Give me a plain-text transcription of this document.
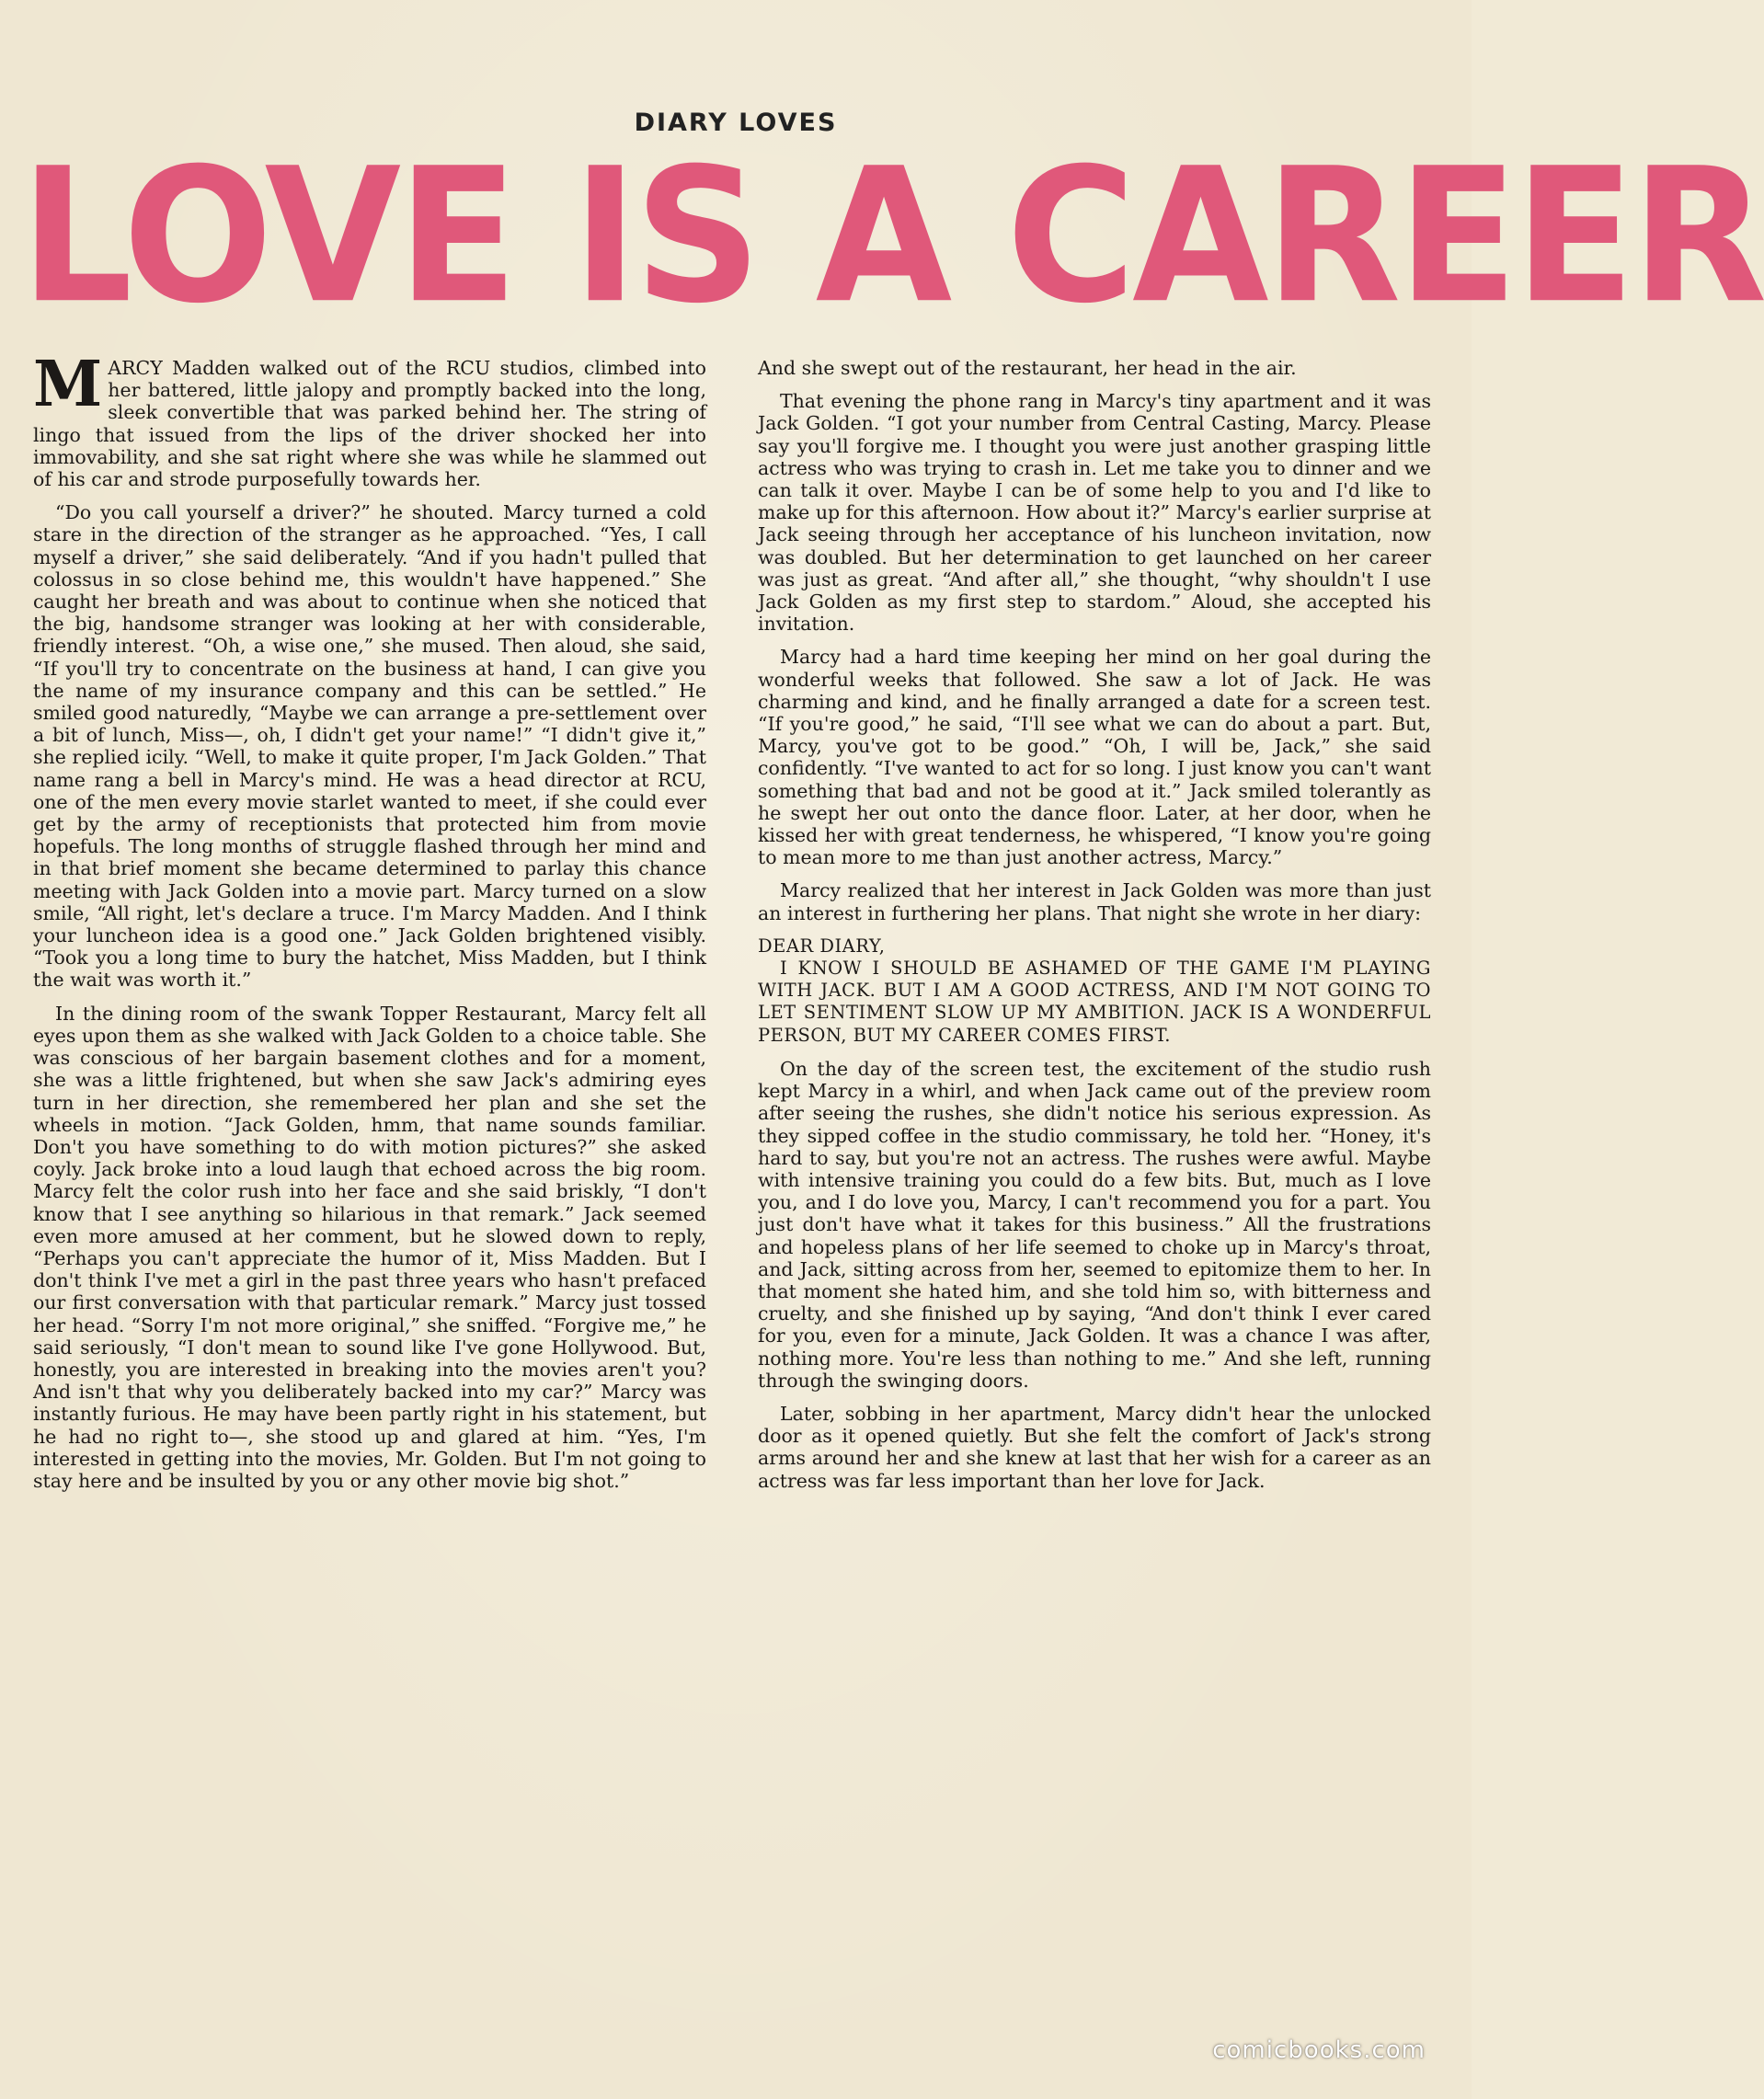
DIARY LOVES
LOVE IS A CAREER

MARCY Madden walked out of the RCU studios, climbed into her battered, little jalopy and promptly backed into the long, sleek convertible that was parked behind her. The string of lingo that issued from the lips of the driver shocked her into immovability, and she sat right where she was while he slammed out of his car and strode purposefully towards her.

“Do you call yourself a driver?” he shouted. Marcy turned a cold stare in the direction of the stranger as he approached. “Yes, I call myself a driver,” she said deliberately. “And if you hadn't pulled that colossus in so close behind me, this wouldn't have happened.” She caught her breath and was about to continue when she noticed that the big, handsome stranger was looking at her with considerable, friendly interest. “Oh, a wise one,” she mused. Then aloud, she said, “If you'll try to concentrate on the business at hand, I can give you the name of my insurance company and this can be settled.” He smiled good naturedly, “Maybe we can arrange a pre-settlement over a bit of lunch, Miss—, oh, I didn't get your name!” “I didn't give it,” she replied icily. “Well, to make it quite proper, I'm Jack Golden.” That name rang a bell in Marcy's mind. He was a head director at RCU, one of the men every movie starlet wanted to meet, if she could ever get by the army of receptionists that protected him from movie hopefuls. The long months of struggle flashed through her mind and in that brief moment she became determined to parlay this chance meeting with Jack Golden into a movie part. Marcy turned on a slow smile, “All right, let's declare a truce. I'm Marcy Madden. And I think your luncheon idea is a good one.” Jack Golden brightened visibly. “Took you a long time to bury the hatchet, Miss Madden, but I think the wait was worth it.”

In the dining room of the swank Topper Restaurant, Marcy felt all eyes upon them as she walked with Jack Golden to a choice table. She was conscious of her bargain basement clothes and for a moment, she was a little frightened, but when she saw Jack's admiring eyes turn in her direction, she remembered her plan and she set the wheels in motion. “Jack Golden, hmm, that name sounds familiar. Don't you have something to do with motion pictures?” she asked coyly. Jack broke into a loud laugh that echoed across the big room. Marcy felt the color rush into her face and she said briskly, “I don't know that I see anything so hilarious in that remark.” Jack seemed even more amused at her comment, but he slowed down to reply, “Perhaps you can't appreciate the humor of it, Miss Madden. But I don't think I've met a girl in the past three years who hasn't prefaced our first conversation with that particular remark.” Marcy just tossed her head. “Sorry I'm not more original,” she sniffed. “Forgive me,” he said seriously, “I don't mean to sound like I've gone Hollywood. But, honestly, you are interested in breaking into the movies aren't you? And isn't that why you deliberately backed into my car?” Marcy was instantly furious. He may have been partly right in his statement, but he had no right to—, she stood up and glared at him. “Yes, I'm interested in getting into the movies, Mr. Golden. But I'm not going to stay here and be insulted by you or any other movie big shot.”

And she swept out of the restaurant, her head in the air.

That evening the phone rang in Marcy's tiny apartment and it was Jack Golden. “I got your number from Central Casting, Marcy. Please say you'll forgive me. I thought you were just another grasping little actress who was trying to crash in. Let me take you to dinner and we can talk it over. Maybe I can be of some help to you and I'd like to make up for this afternoon. How about it?” Marcy's earlier surprise at Jack seeing through her acceptance of his luncheon invitation, now was doubled. But her determination to get launched on her career was just as great. “And after all,” she thought, “why shouldn't I use Jack Golden as my first step to stardom.” Aloud, she accepted his invitation.

Marcy had a hard time keeping her mind on her goal during the wonderful weeks that followed. She saw a lot of Jack. He was charming and kind, and he finally arranged a date for a screen test. “If you're good,” he said, “I'll see what we can do about a part. But, Marcy, you've got to be good.” “Oh, I will be, Jack,” she said confidently. “I've wanted to act for so long. I just know you can't want something that bad and not be good at it.” Jack smiled tolerantly as he swept her out onto the dance floor. Later, at her door, when he kissed her with great tenderness, he whispered, “I know you're going to mean more to me than just another actress, Marcy.”

Marcy realized that her interest in Jack Golden was more than just an interest in furthering her plans. That night she wrote in her diary:

DEAR DIARY,

I KNOW I SHOULD BE ASHAMED OF THE GAME I'M PLAYING WITH JACK. BUT I AM A GOOD ACTRESS, AND I'M NOT GOING TO LET SENTIMENT SLOW UP MY AMBITION. JACK IS A WONDERFUL PERSON, BUT MY CAREER COMES FIRST.

On the day of the screen test, the excitement of the studio rush kept Marcy in a whirl, and when Jack came out of the preview room after seeing the rushes, she didn't notice his serious expression. As they sipped coffee in the studio commissary, he told her. “Honey, it's hard to say, but you're not an actress. The rushes were awful. Maybe with intensive training you could do a few bits. But, much as I love you, and I do love you, Marcy, I can't recommend you for a part. You just don't have what it takes for this business.” All the frustrations and hopeless plans of her life seemed to choke up in Marcy's throat, and Jack, sitting across from her, seemed to epitomize them to her. In that moment she hated him, and she told him so, with bitterness and cruelty, and she finished up by saying, “And don't think I ever cared for you, even for a minute, Jack Golden. It was a chance I was after, nothing more. You're less than nothing to me.” And she left, running through the swinging doors.

Later, sobbing in her apartment, Marcy didn't hear the unlocked door as it opened quietly. But she felt the comfort of Jack's strong arms around her and she knew at last that her wish for a career as an actress was far less important than her love for Jack.

comicbooks.com
